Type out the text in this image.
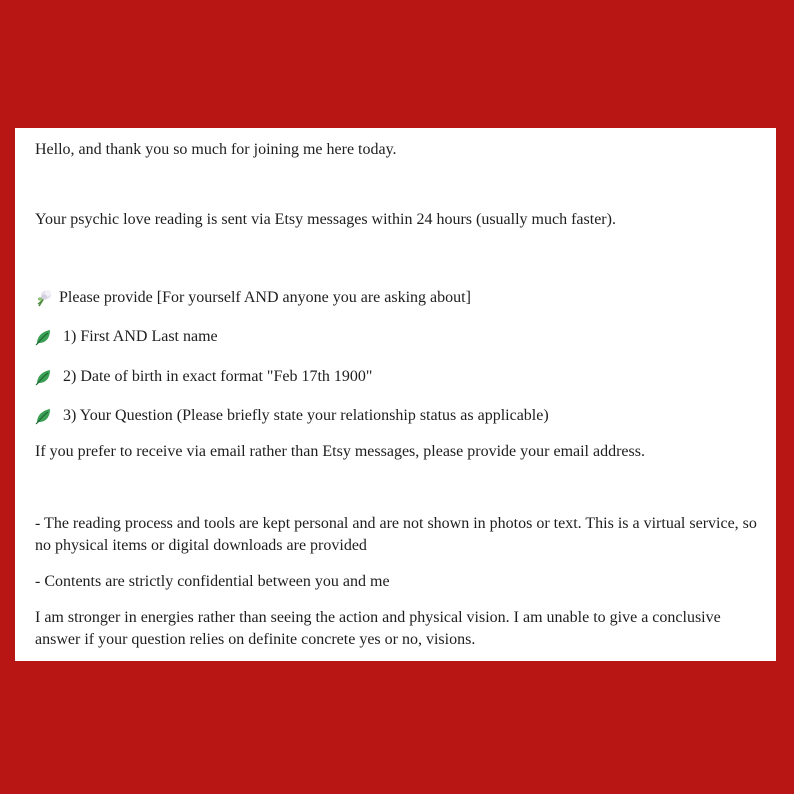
Hello, and thank you so much for joining me here today.

Your psychic love reading is sent via Etsy messages within 24 hours (usually much faster).

Please provide [For yourself AND anyone you are asking about]
1) First AND Last name
2) Date of birth in exact format "Feb 17th 1900"
3) Your Question (Please briefly state your relationship status as applicable)

If you prefer to receive via email rather than Etsy messages, please provide your email address.

- The reading process and tools are kept personal and are not shown in photos or text. This is a virtual service, so no physical items or digital downloads are provided

- Contents are strictly confidential between you and me

I am stronger in energies rather than seeing the action and physical vision. I am unable to give a conclusive answer if your question relies on definite concrete yes or no, visions.
